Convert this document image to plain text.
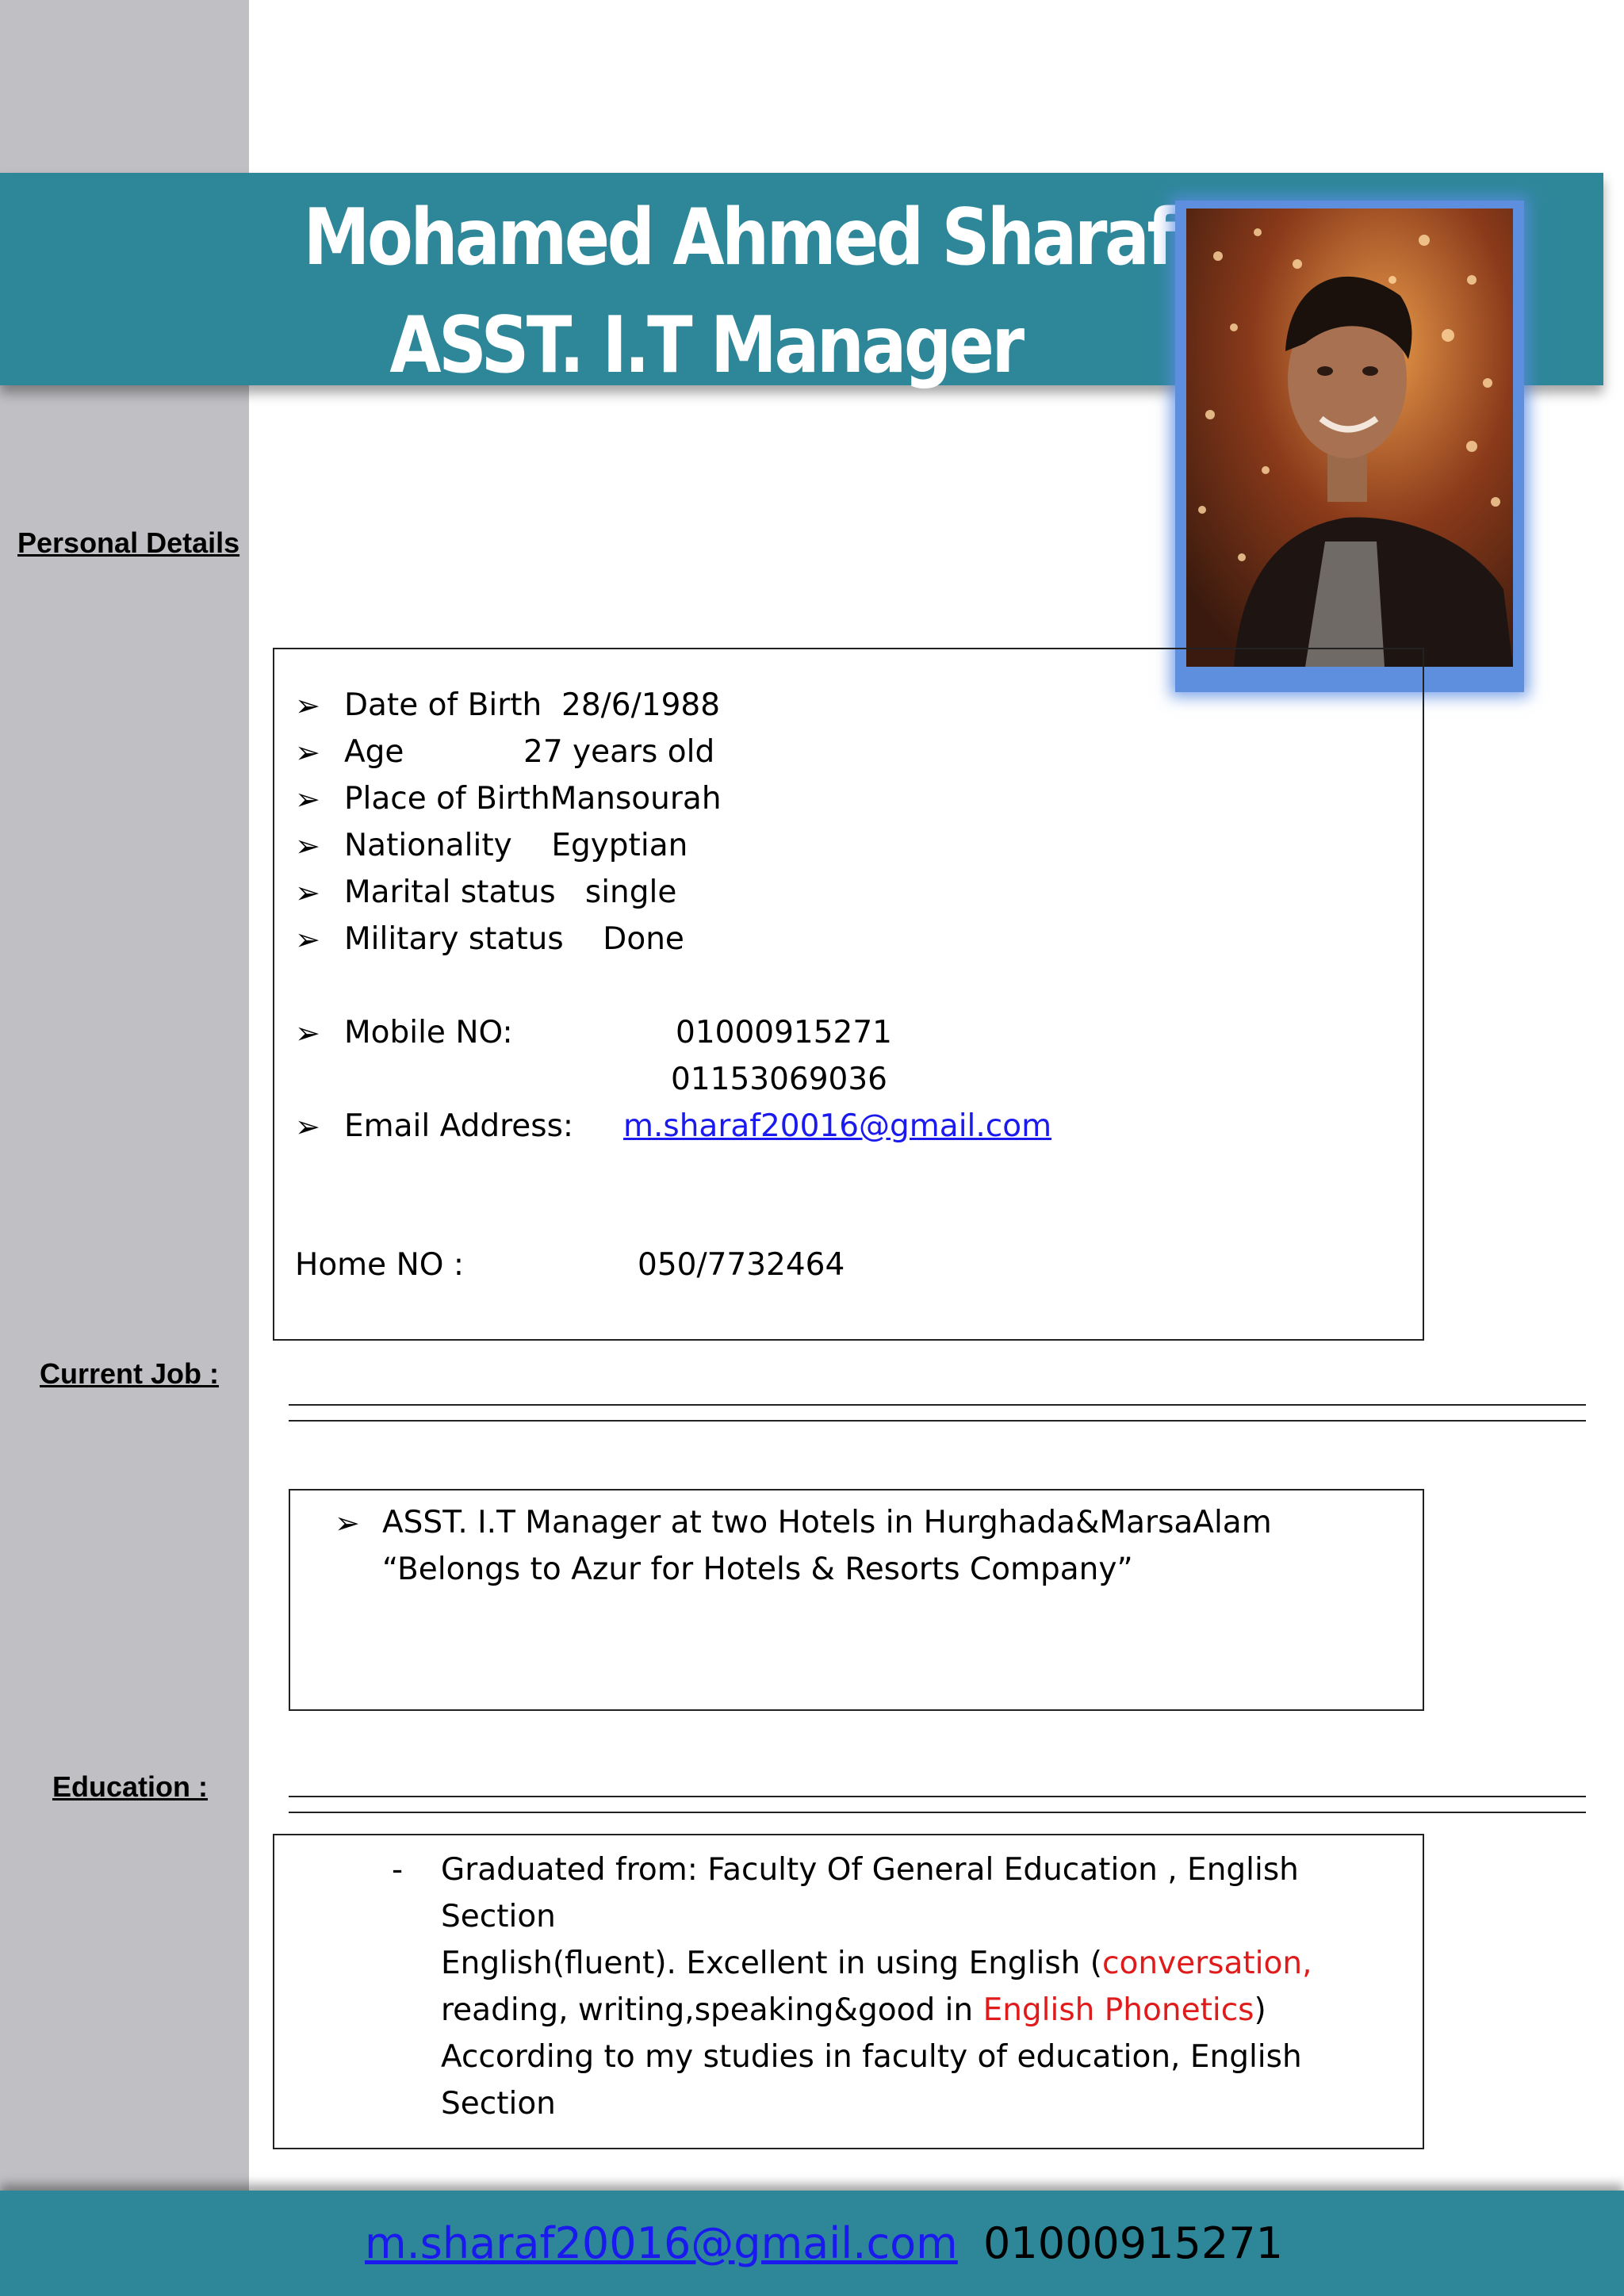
Mohamed Ahmed Sharaf
ASST. I.T Manager
Personal Details
➢ Date of Birth 28/6/1988
➢ Age	27 years old
➢ Place of BirthMansourah
➢ Nationality Egyptian
➢ Marital status single
➢ Military status Done
➢ Mobile NO:	01000915271
01153069036
➢ Email Address: m.sharaf20016@gmail.com
Home NO :	050/7732464
Current Job :
➢ ASST. I.T Manager at two Hotels in Hurghada&MarsaAlam
“Belongs to Azur for Hotels & Resorts Company”
Education :
- Graduated from: Faculty Of General Education , English
Section
English(fluent). Excellent in using English (conversation,
reading, writing,speaking&good in English Phonetics)
According to my studies in faculty of education, English
Section
m.sharaf20016@gmail.com 01000915271
